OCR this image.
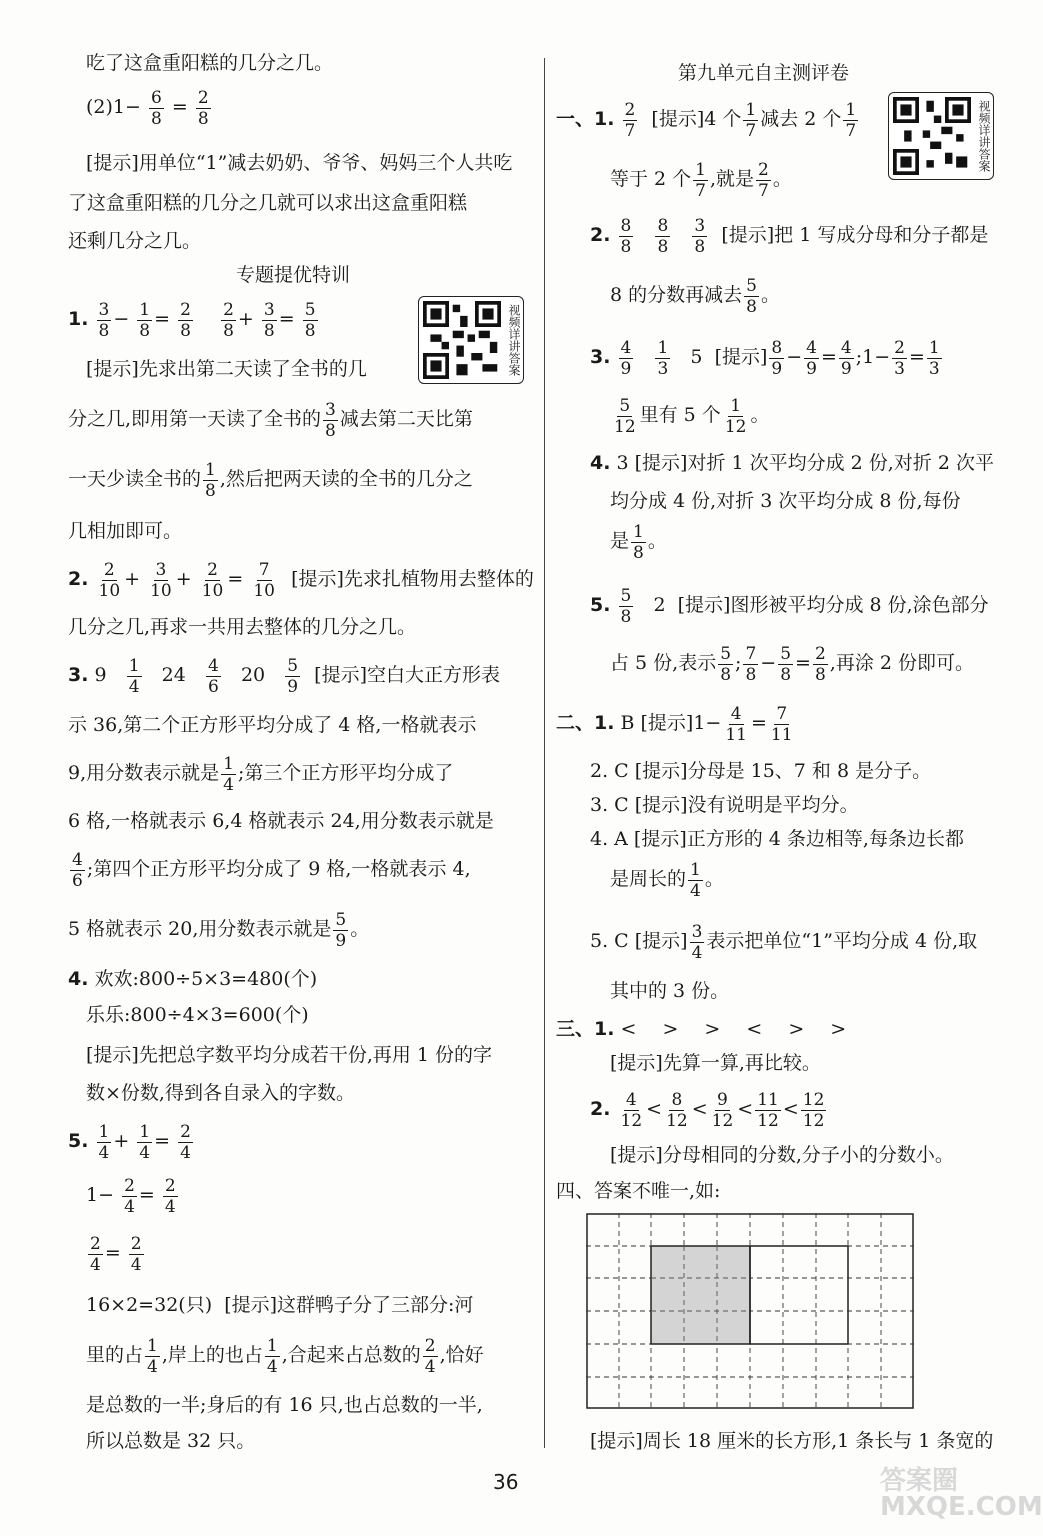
吃了这盒重阳糕的几分之几。
$(2)1- \frac{6}{8} = \frac{2}{8}$
[提示]用单位“1”减去奶奶、爷爷、妈妈三个人共吃
了这盒重阳糕的几分之几就可以求出这盒重阳糕
还剩几分之几。
专题提优特训
1. $\frac{3}{8} - \frac{1}{8} = \frac{2}{8}$
$\frac{2}{8} + \frac{3}{8} = \frac{5}{8}$	视频详讲答案
[提示]先求出第二天读了全书的几
分之几,即用第一天读了全书的 $\frac{3}{8}$ 减去第二天比第
一天少读全书的 $\frac{1}{8}$ ,然后把两天读的全书的几分之
几相加即可。
2. $\frac{2}{10} + \frac{3}{10} + \frac{2}{10} = \frac{7}{10}$ [提示]先求扎植物用去整体的
几分之几,再求一共用去整体的几分之几。
3. $9 \frac{1}{4} 24 \frac{4}{6} 20 \frac{5}{9}$ [提示]空白大正方形表
示 36,第二个正方形平均分成了 4 格,一格就表示
9,用分数表示就是 $\frac{1}{4}$ ;第三个正方形平均分成了
6 格,一格就表示 6,4 格就表示 24,用分数表示就是
$\frac{4}{6}$ ;第四个正方形平均分成了 9 格,一格就表示 4,
5 格就表示 20,用分数表示就是 $\frac{5}{9}$ 。
4. 欢欢:800÷5×3=480(个)
乐乐:800÷4×3=600(个)
[提示]先把总字数平均分成若干份,再用 1 份的字
数×份数,得到各自录入的字数。
5. $\frac{1}{4} + \frac{1}{4} = \frac{2}{4}$
$1- \frac{2}{4} = \frac{2}{4}$
$\frac{2}{4} = \frac{2}{4}$
16×2=32(只) [提示]这群鸭子分了三部分:河
里的占 $\frac{1}{4}$ ,岸上的也占 $\frac{1}{4}$ ,合起来占总数的 $\frac{2}{4}$ ,恰好
是总数的一半;身后的有 16 只,也占总数的一半,
所以总数是 32 只。
第九单元自主测评卷
一、1. $\frac{2}{7}$ [提示]4 个 $\frac{1}{7}$ 减去 2 个 $\frac{1}{7}$	视频详讲答案
等于 2 个 $\frac{1}{7}$ ,就是 $\frac{2}{7}$ 。
2. $\frac{8}{8}$
$\frac{8}{8}$
$\frac{3}{8}$ [提示]把 1 写成分母和分子都是
8 的分数再减去 $\frac{5}{8}$ 。
3. $\frac{4}{9}$
$\frac{1}{3} 5$ [提示] $\frac{8}{9} - \frac{4}{9} = \frac{4}{9}$ ;1− $\frac{2}{3} = \frac{1}{3}$
$\frac{5}{12}$ 里有 5 个 $\frac{1}{12}$ 。
4. 3 [提示]对折 1 次平均分成 2 份,对折 2 次平
均分成 4 份,对折 3 次平均分成 8 份,每份
是 $\frac{1}{8}$ 。
5. $\frac{5}{8} 2$ [提示]图形被平均分成 8 份,涂色部分
占 5 份,表示 $\frac{5}{8}$ ; $\frac{7}{8} - \frac{5}{8} = \frac{2}{8}$ ,再涂 2 份即可。
二、1. B [提示]$1- \frac{4}{11} = \frac{7}{11}$
2. C [提示]分母是 15、7 和 8 是分子。
3. C [提示]没有说明是平均分。
4. A [提示]正方形的 4 条边相等,每条边长都
是周长的 $\frac{1}{4}$ 。
5. C [提示] $\frac{3}{4}$ 表示把单位“1”平均分成 4 份,取
其中的 3 份。
三、1. < > > < > >
[提示]先算一算,再比较。
2. $\frac{4}{12} < \frac{8}{12} < \frac{9}{12} < \frac{11}{12} < \frac{12}{12}$
[提示]分母相同的分数,分子小的分数小。
四、答案不唯一,如:
[提示]周长 18 厘米的长方形,1 条长与 1 条宽的
36	答案圈 MXQE.COM
